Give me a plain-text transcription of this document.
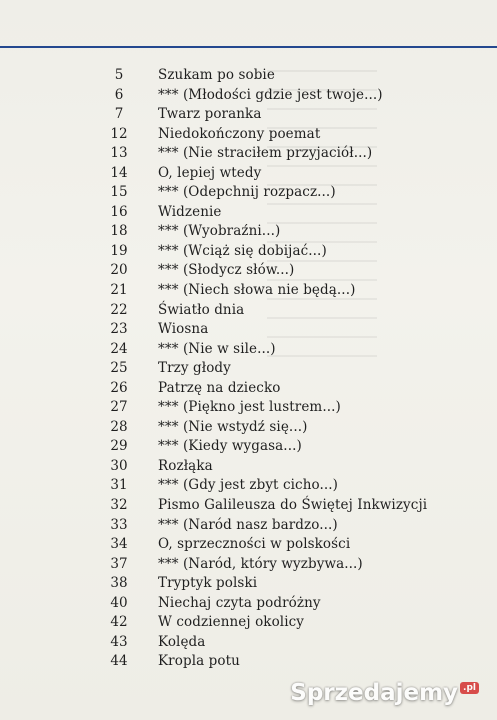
5	Szukam po sobie
6	*** (Młodości gdzie jest twoje...)
7	Twarz poranka
12	Niedokończony poemat
13	*** (Nie straciłem przyjaciół...)
14	O, lepiej wtedy
15	*** (Odepchnij rozpacz...)
16	Widzenie
18	*** (Wyobraźni...)
19	*** (Wciąż się dobijać...)
20	*** (Słodycz słów...)
21	*** (Niech słowa nie będą...)
22	Światło dnia
23	Wiosna
24	*** (Nie w sile...)
25	Trzy głody
26	Patrzę na dziecko
27	*** (Piękno jest lustrem...)
28	*** (Nie wstydź się...)
29	*** (Kiedy wygasa...)
30	Rozłąka
31	*** (Gdy jest zbyt cicho...)
32	Pismo Galileusza do Świętej Inkwizycji
33	*** (Naród nasz bardzo...)
34	O, sprzeczności w polskości
37	*** (Naród, który wyzbywa...)
38	Tryptyk polski
40	Niechaj czyta podróżny
42	W codziennej okolicy
43	Kolęda
44	Kropla potu
Sprzedajemy .pl
